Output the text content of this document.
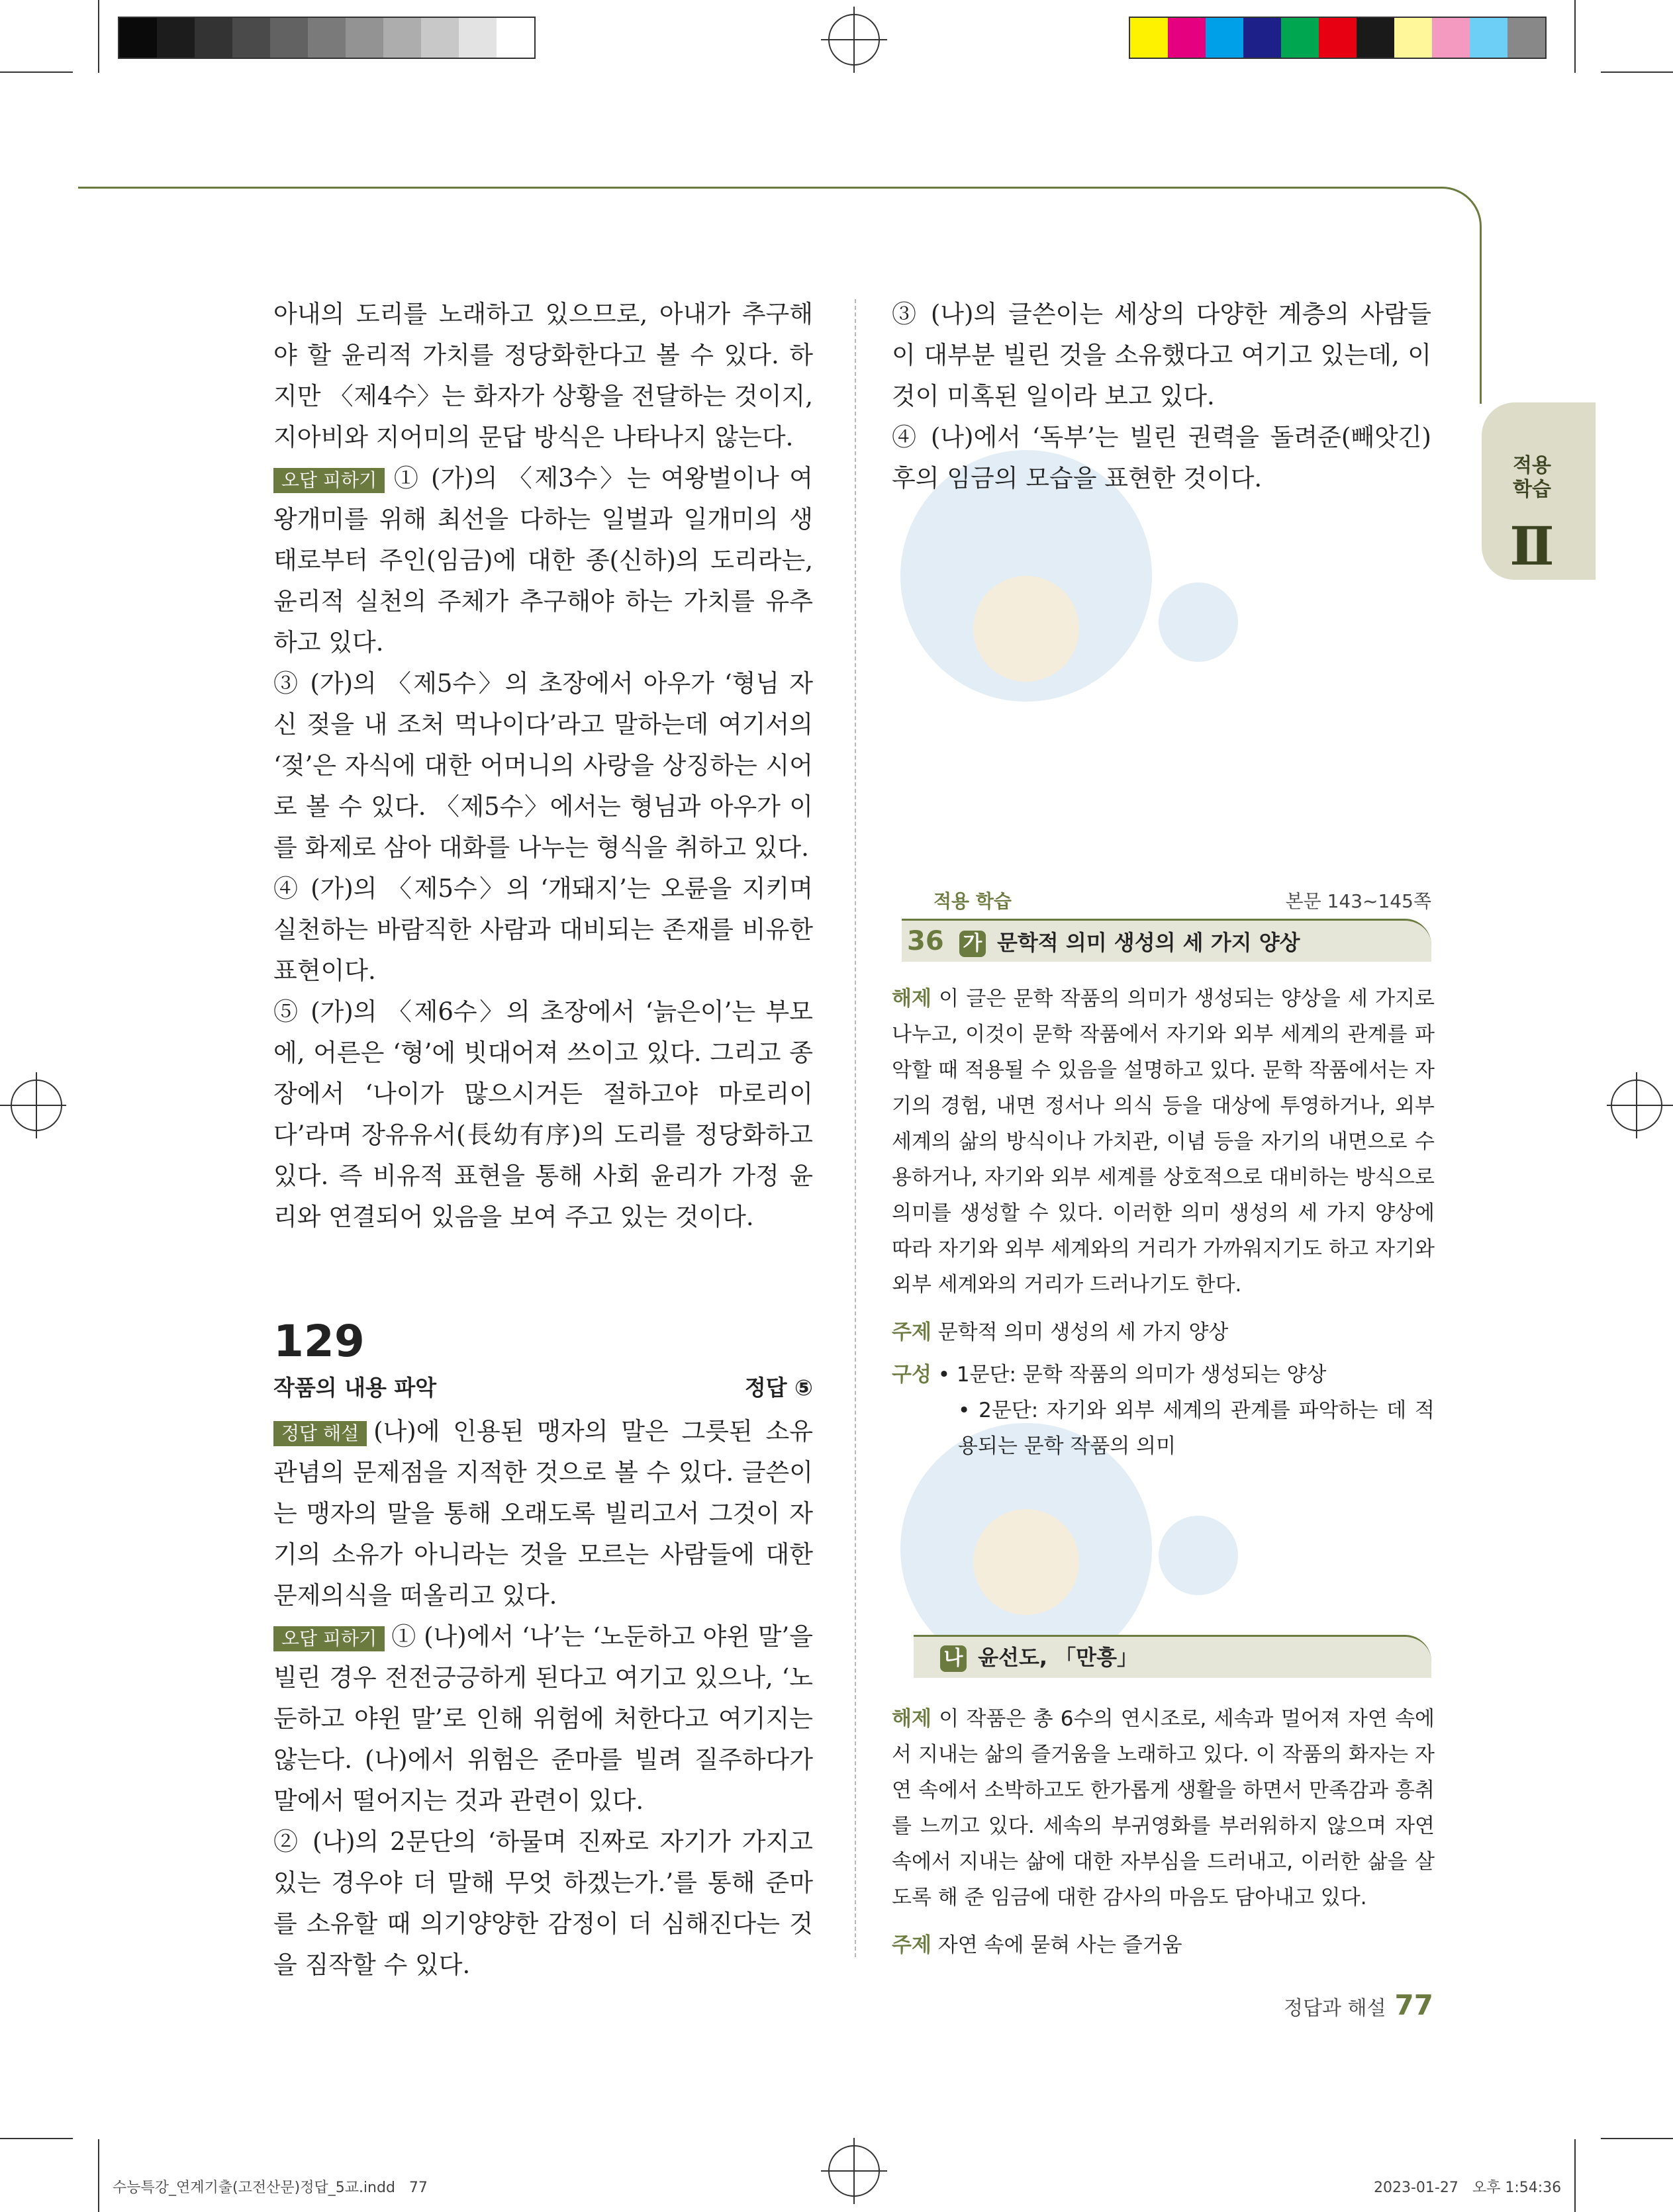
적용
학습
Ⅱ

아내의 도리를 노래하고 있으므로, 아내가 추구해야 할 윤리적 가치를 정당화한다고 볼 수 있다. 하지만 〈제4수〉는 화자가 상황을 전달하는 것이지, 지아비와 지어미의 문답 방식은 나타나지 않는다.

오답 피하기 ① (가)의 〈제3수〉는 여왕벌이나 여왕개미를 위해 최선을 다하는 일벌과 일개미의 생태로부터 주인(임금)에 대한 종(신하)의 도리라는, 윤리적 실천의 주체가 추구해야 하는 가치를 유추하고 있다.

③ (가)의 〈제5수〉의 초장에서 아우가 ‘형님 자신 젖을 내 조처 먹나이다’라고 말하는데 여기서의 ‘젖’은 자식에 대한 어머니의 사랑을 상징하는 시어로 볼 수 있다. 〈제5수〉에서는 형님과 아우가 이를 화제로 삼아 대화를 나누는 형식을 취하고 있다.

④ (가)의 〈제5수〉의 ‘개돼지’는 오륜을 지키며 실천하는 바람직한 사람과 대비되는 존재를 비유한 표현이다.

⑤ (가)의 〈제6수〉의 초장에서 ‘늙은이’는 부모에, 어른은 ‘형’에 빗대어져 쓰이고 있다. 그리고 종장에서 ‘나이가 많으시거든 절하고야 마로리이다’라며 장유유서(長幼有序)의 도리를 정당화하고 있다. 즉 비유적 표현을 통해 사회 윤리가 가정 윤리와 연결되어 있음을 보여 주고 있는 것이다.

129
작품의 내용 파악	정답 ⑤

정답 해설 (나)에 인용된 맹자의 말은 그릇된 소유 관념의 문제점을 지적한 것으로 볼 수 있다. 글쓴이는 맹자의 말을 통해 오래도록 빌리고서 그것이 자기의 소유가 아니라는 것을 모르는 사람들에 대한 문제의식을 떠올리고 있다.

오답 피하기 ① (나)에서 ‘나’는 ‘노둔하고 야윈 말’을 빌린 경우 전전긍긍하게 된다고 여기고 있으나, ‘노둔하고 야윈 말’로 인해 위험에 처한다고 여기지는 않는다. (나)에서 위험은 준마를 빌려 질주하다가 말에서 떨어지는 것과 관련이 있다.

② (나)의 2문단의 ‘하물며 진짜로 자기가 가지고 있는 경우야 더 말해 무엇 하겠는가.’를 통해 준마를 소유할 때 의기양양한 감정이 더 심해진다는 것을 짐작할 수 있다.

③ (나)의 글쓴이는 세상의 다양한 계층의 사람들이 대부분 빌린 것을 소유했다고 여기고 있는데, 이것이 미혹된 일이라 보고 있다.

④ (나)에서 ‘독부’는 빌린 권력을 돌려준(빼앗긴) 후의 임금의 모습을 표현한 것이다.

적용 학습	본문 143~145쪽
36 가 문학적 의미 생성의 세 가지 양상

해제 이 글은 문학 작품의 의미가 생성되는 양상을 세 가지로 나누고, 이것이 문학 작품에서 자기와 외부 세계의 관계를 파악할 때 적용될 수 있음을 설명하고 있다. 문학 작품에서는 자기의 경험, 내면 정서나 의식 등을 대상에 투영하거나, 외부 세계의 삶의 방식이나 가치관, 이념 등을 자기의 내면으로 수용하거나, 자기와 외부 세계를 상호적으로 대비하는 방식으로 의미를 생성할 수 있다. 이러한 의미 생성의 세 가지 양상에 따라 자기와 외부 세계와의 거리가 가까워지기도 하고 자기와 외부 세계와의 거리가 드러나기도 한다.

주제 문학적 의미 생성의 세 가지 양상

구성 • 1문단: 문학 작품의 의미가 생성되는 양상

• 2문단: 자기와 외부 세계의 관계를 파악하는 데 적용되는 문학 작품의 의미

나 윤선도, 「만흥」

해제 이 작품은 총 6수의 연시조로, 세속과 멀어져 자연 속에서 지내는 삶의 즐거움을 노래하고 있다. 이 작품의 화자는 자연 속에서 소박하고도 한가롭게 생활을 하면서 만족감과 흥취를 느끼고 있다. 세속의 부귀영화를 부러워하지 않으며 자연 속에서 지내는 삶에 대한 자부심을 드러내고, 이러한 삶을 살도록 해 준 임금에 대한 감사의 마음도 담아내고 있다.

주제 자연 속에 묻혀 사는 즐거움

정답과 해설 77
수능특강_연계기출(고전산문)정답_5교.indd   77	2023-01-27   오후 1:54:36
